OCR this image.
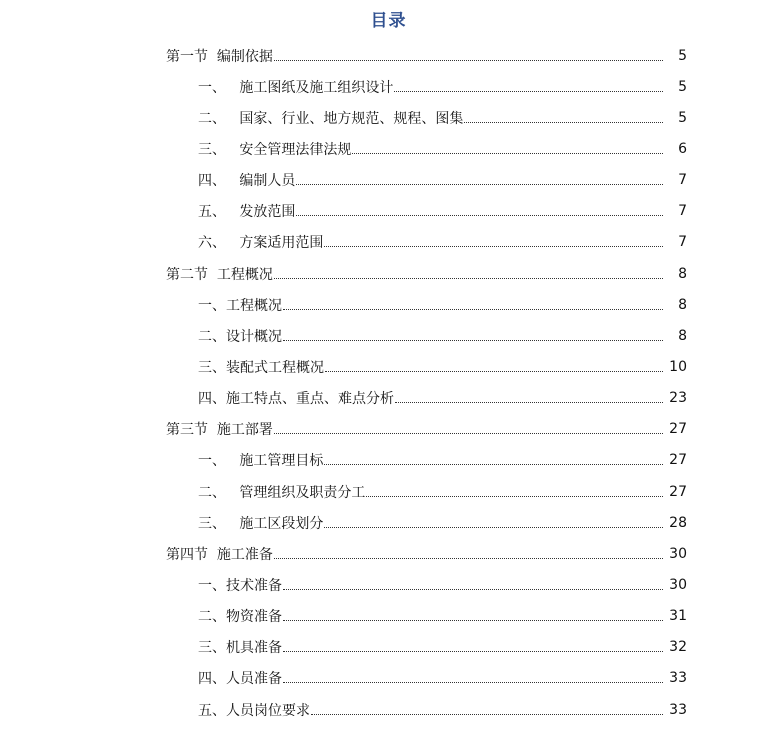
目录
第一节  编制依据	5
一、   施工图纸及施工组织设计	5
二、   国家、行业、地方规范、规程、图集	5
三、   安全管理法律法规	6
四、   编制人员	7
五、   发放范围	7
六、   方案适用范围	7
第二节  工程概况	8
一、工程概况	8
二、设计概况	8
三、装配式工程概况	10
四、施工特点、重点、难点分析	23
第三节  施工部署	27
一、   施工管理目标	27
二、   管理组织及职责分工	27
三、   施工区段划分	28
第四节  施工准备	30
一、技术准备	30
二、物资准备	31
三、机具准备	32
四、人员准备	33
五、人员岗位要求	33
